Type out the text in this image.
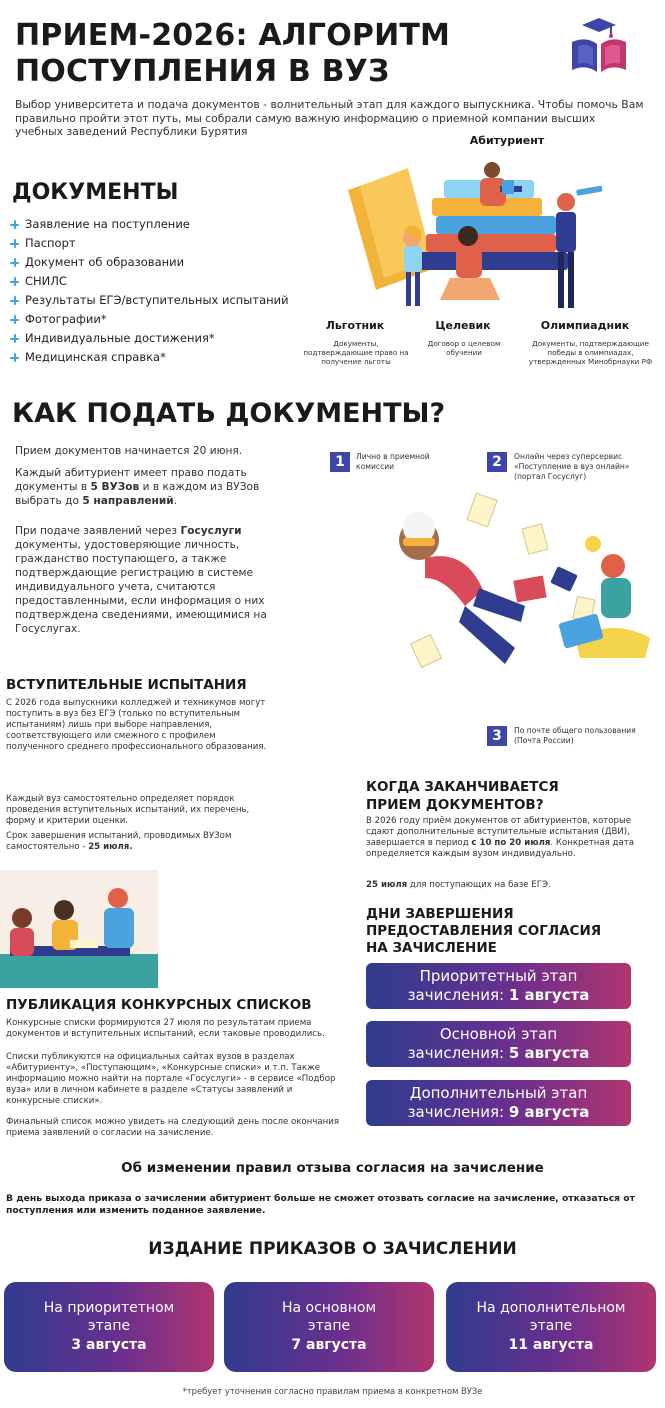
ПРИЕМ-2026: АЛГОРИТМ
ПОСТУПЛЕНИЯ В ВУЗ
Выбор университета и подача документов - волнительный этап для каждого выпускника. Чтобы помочь Вам правильно пройти этот путь, мы собрали самую важную информацию о приемной компании высших учебных заведений Республики Бурятия
ДОКУМЕНТЫ
Заявление на поступление
Паспорт
Документ об образовании
СНИЛС
Результаты ЕГЭ/вступительных испытаний
Фотографии*
Индивидуальные достижения*
Медицинская справка*
Абитуриент
Льготник
Документы, подтверждающие право на получение льготы
Целевик
Договор о целевом обучении
Олимпиадник
Документы, подтверждающие победы в олимпиадах, утвержденных Минобрнауки РФ
КАК ПОДАТЬ ДОКУМЕНТЫ?
Прием документов начинается 20 июня.
Каждый абитуриент имеет право подать документы в 5 ВУЗов и в каждом из ВУЗов выбрать до 5 направлений.
При подаче заявлений через Госуслуги документы, удостоверяющие личность, гражданство поступающего, а также подтверждающие регистрацию в системе индивидуального учета, считаются предоставленными, если информация о них подтверждена сведениями, имеющимися на Госуслугах.
1	Лично в приемной комиссии	2	Онлайн через суперсервис «Поступление в вуз онлайн» (портал Госуслуг)
3	По почте общего пользования (Почта России)
ВСТУПИТЕЛЬНЫЕ ИСПЫТАНИЯ
С 2026 года выпускники колледжей и техникумов могут поступить в вуз без ЕГЭ (только по вступительным испытаниям) лишь при выборе направления, соответствующего или смежного с профилем полученного среднего профессионального образования.
Каждый вуз самостоятельно определяет порядок проведения вступительных испытаний, их перечень, форму и критерии оценки.
Срок завершения испытаний, проводимых ВУЗом самостоятельно - 25 июля.
КОГДА ЗАКАНЧИВАЕТСЯ
ПРИЕМ ДОКУМЕНТОВ?
В 2026 году приём документов от абитуриентов, которые сдают дополнительные вступительные испытания (ДВИ), завершается в период с 10 по 20 июля. Конкретная дата определяется каждым вузом индивидуально.
25 июля для поступающих на базе ЕГЭ.
ДНИ ЗАВЕРШЕНИЯ
ПРЕДОСТАВЛЕНИЯ СОГЛАСИЯ
НА ЗАЧИСЛЕНИЕ
Приоритетный этап
зачисления: 1 августа
Основной этап
зачисления: 5 августа
Дополнительный этап
зачисления: 9 августа
ПУБЛИКАЦИЯ КОНКУРСНЫХ СПИСКОВ
Конкурсные списки формируются 27 июля по результатам приема документов и вступительных испытаний, если таковые проводились.
Списки публикуются на официальных сайтах вузов в разделах «Абитуриенту», «Поступающим», «Конкурсные списки» и т.п. Также информацию можно найти на портале «Госуслуги» - в сервисе «Подбор вуза» или в личном кабинете в разделе «Статусы заявлений и конкурсные списки».
Финальный список можно увидеть на следующий день после окончания приема заявлений о согласии на зачисление.
Об изменении правил отзыва согласия на зачисление
В день выхода приказа о зачислении абитуриент больше не сможет отозвать согласие на зачисление, отказаться от поступления или изменить поданное заявление.
ИЗДАНИЕ ПРИКАЗОВ О ЗАЧИСЛЕНИИ
На приоритетном
этапе
3 августа
На основном
этапе
7 августа
На дополнительном
этапе
11 августа
*требует уточнения согласно правилам приема в конкретном ВУЗе
